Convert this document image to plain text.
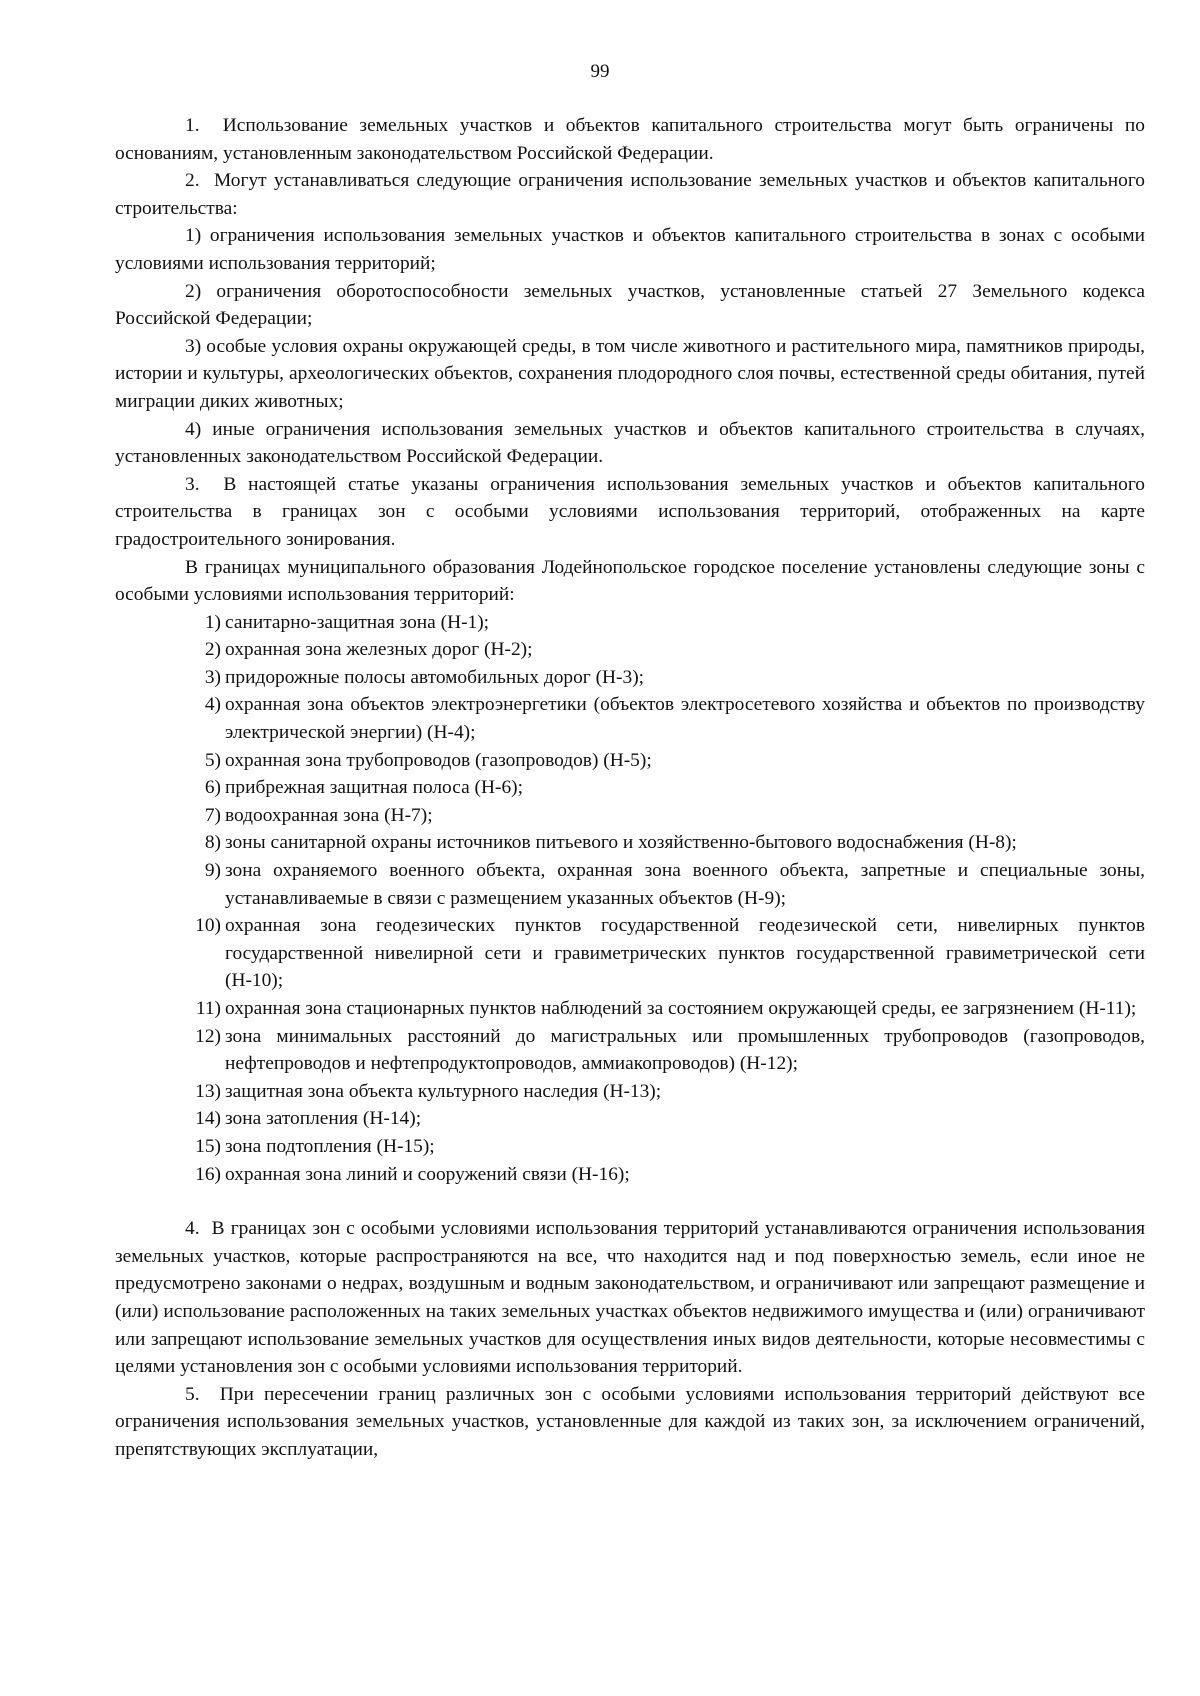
99

1.  Использование земельных участков и объектов капитального строительства могут быть ограничены по основаниям, установленным законодательством Российской Федерации.

2.  Могут устанавливаться следующие ограничения использование земельных участков и объектов капитального строительства:

1) ограничения использования земельных участков и объектов капитального строительства в зонах с особыми условиями использования территорий;

2) ограничения оборотоспособности земельных участков, установленные статьей 27 Земельного кодекса Российской Федерации;

3) особые условия охраны окружающей среды, в том числе животного и растительного мира, памятников природы, истории и культуры, археологических объектов, сохранения плодородного слоя почвы, естественной среды обитания, путей миграции диких животных;

4) иные ограничения использования земельных участков и объектов капитального строительства в случаях, установленных законодательством Российской Федерации.

3.  В настоящей статье указаны ограничения использования земельных участков и объектов капитального строительства в границах зон с особыми условиями использования территорий, отображенных на карте градостроительного зонирования.

В границах муниципального образования Лодейнопольское городское поселение установлены следующие зоны с особыми условиями использования территорий:

1) санитарно-защитная зона (Н-1);
2) охранная зона железных дорог (Н-2);
3) придорожные полосы автомобильных дорог (Н-3);
4) охранная зона объектов электроэнергетики (объектов электросетевого хозяйства и объектов по производству электрической энергии) (Н-4);
5) охранная зона трубопроводов (газопроводов) (Н-5);
6) прибрежная защитная полоса (Н-6);
7) водоохранная зона (Н-7);
8) зоны санитарной охраны источников питьевого и хозяйственно-бытового водоснабжения (Н-8);
9) зона охраняемого военного объекта, охранная зона военного объекта, запретные и специальные зоны, устанавливаемые в связи с размещением указанных объектов (Н-9);
10) охранная зона геодезических пунктов государственной геодезической сети, нивелирных пунктов государственной нивелирной сети и гравиметрических пунктов государственной гравиметрической сети (Н-10);
11) охранная зона стационарных пунктов наблюдений за состоянием окружающей среды, ее загрязнением (Н-11);
12) зона минимальных расстояний до магистральных или промышленных трубопроводов (газопроводов, нефтепроводов и нефтепродуктопроводов, аммиакопроводов) (Н-12);
13) защитная зона объекта культурного наследия (Н-13);
14) зона затопления (Н-14);
15) зона подтопления (Н-15);
16) охранная зона линий и сооружений связи (Н-16);

4.  В границах зон с особыми условиями использования территорий устанавливаются ограничения использования земельных участков, которые распространяются на все, что находится над и под поверхностью земель, если иное не предусмотрено законами о недрах, воздушным и водным законодательством, и ограничивают или запрещают размещение и (или) использование расположенных на таких земельных участках объектов недвижимого имущества и (или) ограничивают или запрещают использование земельных участков для осуществления иных видов деятельности, которые несовместимы с целями установления зон с особыми условиями использования территорий.

5.  При пересечении границ различных зон с особыми условиями использования территорий действуют все ограничения использования земельных участков, установленные для каждой из таких зон, за исключением ограничений, препятствующих эксплуатации,
